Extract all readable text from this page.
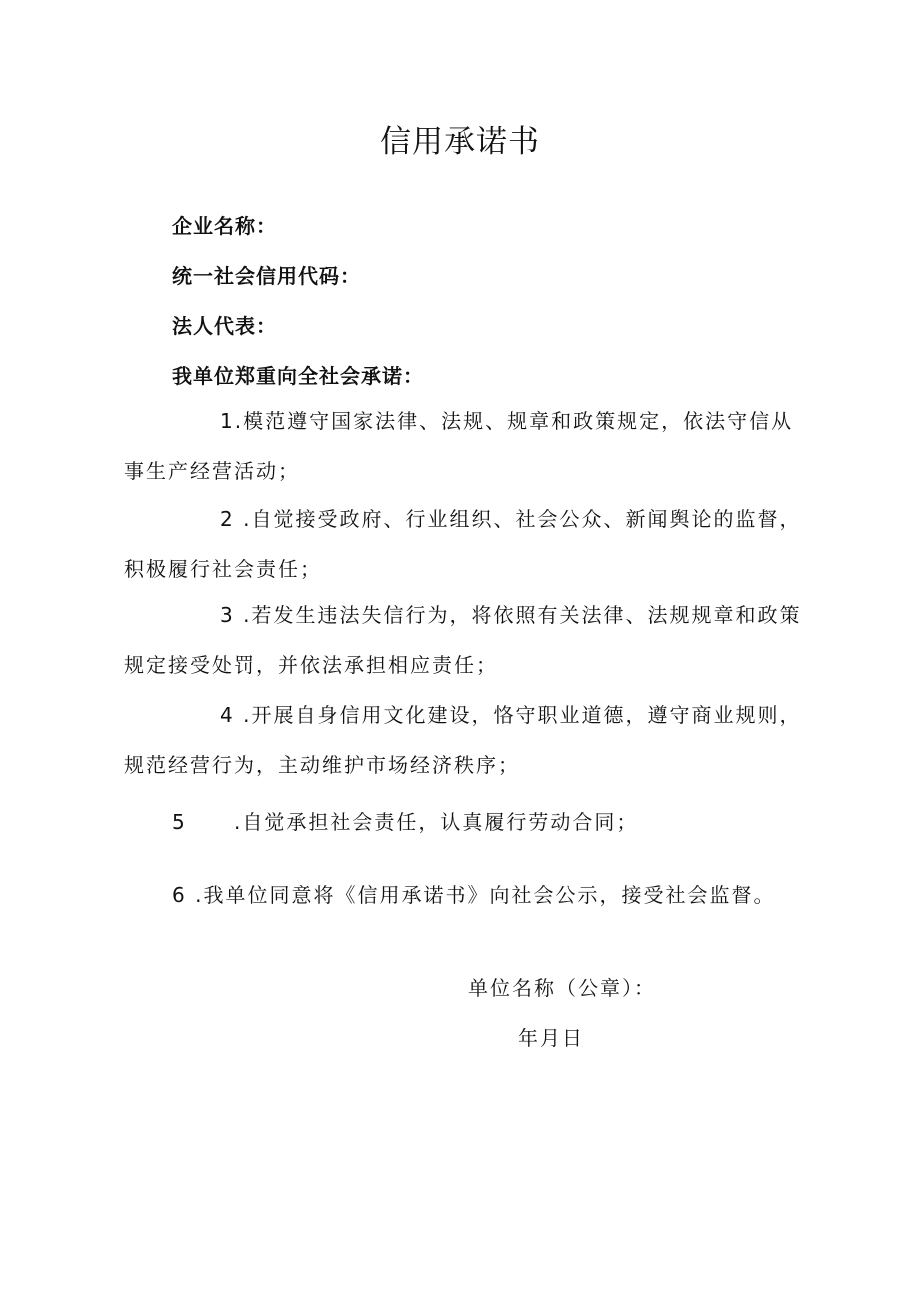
信用承诺书
企业名称：
统一社会信用代码：
法人代表：
我单位郑重向全社会承诺：
1.模范遵守国家法律、法规、规章和政策规定，依法守信从事生产经营活动；
2 .自觉接受政府、行业组织、社会公众、新闻舆论的监督，积极履行社会责任；
3 .若发生违法失信行为，将依照有关法律、法规规章和政策规定接受处罚，并依法承担相应责任；
4 .开展自身信用文化建设，恪守职业道德，遵守商业规则，规范经营行为，主动维护市场经济秩序；
5 .自觉承担社会责任，认真履行劳动合同；
6 .我单位同意将《信用承诺书》向社会公示，接受社会监督。
单位名称（公章）：
年月日
